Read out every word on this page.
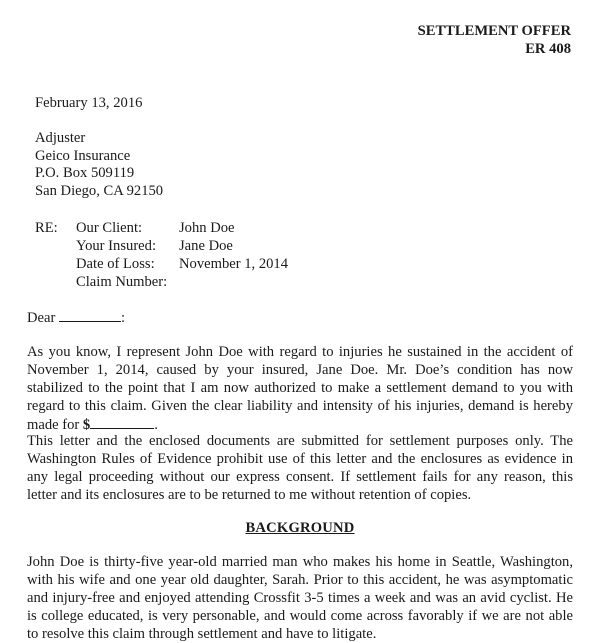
SETTLEMENT OFFER
ER 408
February 13, 2016
Adjuster
Geico Insurance
P.O. Box 509119
San Diego, CA 92150
RE:	Our Client:	John Doe
Your Insured:	Jane Doe
Date of Loss:	November 1, 2014
Claim Number:
Dear	:
As you know, I represent John Doe with regard to injuries he sustained in the accident of November 1, 2014, caused by your insured, Jane Doe. Mr. Doe’s condition has now stabilized to the point that I am now authorized to make a settlement demand to you with regard to this claim. Given the clear liability and intensity of his injuries, demand is hereby made for $	.
This letter and the enclosed documents are submitted for settlement purposes only. The Washington Rules of Evidence prohibit use of this letter and the enclosures as evidence in any legal proceeding without our express consent. If settlement fails for any reason, this letter and its enclosures are to be returned to me without retention of copies.
BACKGROUND
John Doe is thirty-five year-old married man who makes his home in Seattle, Washington, with his wife and one year old daughter, Sarah. Prior to this accident, he was asymptomatic and injury-free and enjoyed attending Crossfit 3-5 times a week and was an avid cyclist. He is college educated, is very personable, and would come across favorably if we are not able to resolve this claim through settlement and have to litigate.
